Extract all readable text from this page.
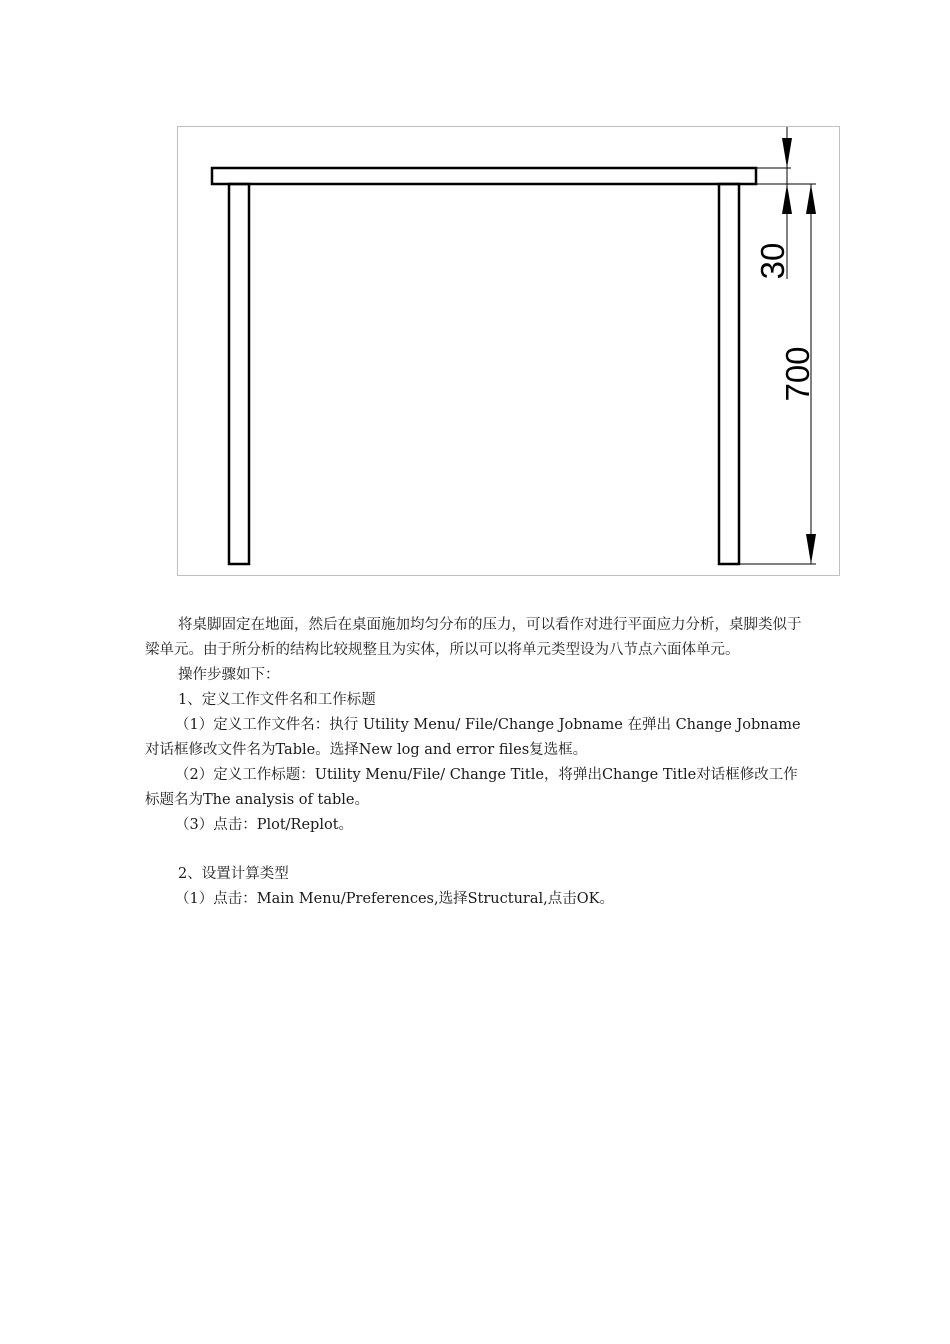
30
700

将桌脚固定在地面，然后在桌面施加均匀分布的压力，可以看作对进行平面应力分析，桌脚类似于梁单元。由于所分析的结构比较规整且为实体，所以可以将单元类型设为八节点六面体单元。

操作步骤如下：

1、定义工作文件名和工作标题

（1）定义工作文件名：执行 Utility Menu/ File/Change Jobname 在弹出 Change Jobname 对话框修改文件名为Table。选择New log and error files复选框。

（2）定义工作标题：Utility Menu/File/ Change Title，将弹出Change Title对话框修改工作标题名为The analysis of table。

（3）点击：Plot/Replot。

2、设置计算类型

（1）点击：Main Menu/Preferences,选择Structural,点击OK。
